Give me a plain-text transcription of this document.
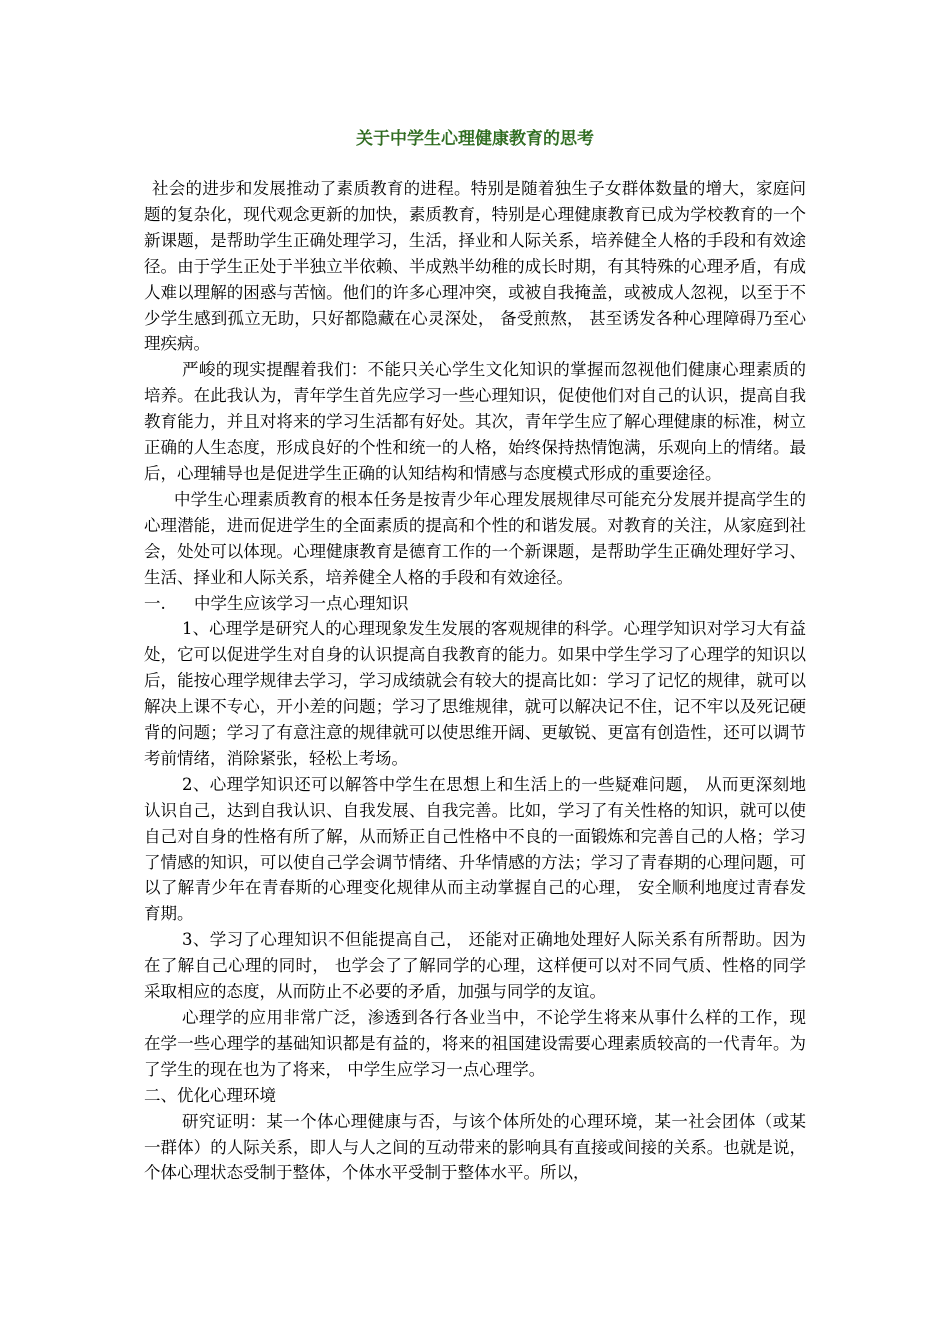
关于中学生心理健康教育的思考

社会的进步和发展推动了素质教育的进程。特别是随着独生子女群体数量的增大，家庭问题的复杂化，现代观念更新的加快，素质教育，特别是心理健康教育已成为学校教育的一个新课题，是帮助学生正确处理学习，生活，择业和人际关系，培养健全人格的手段和有效途径。由于学生正处于半独立半依赖、半成熟半幼稚的成长时期，有其特殊的心理矛盾，有成人难以理解的困惑与苦恼。他们的许多心理冲突，或被自我掩盖，或被成人忽视，以至于不少学生感到孤立无助，只好都隐藏在心灵深处， 备受煎熬， 甚至诱发各种心理障碍乃至心理疾病。

严峻的现实提醒着我们：不能只关心学生文化知识的掌握而忽视他们健康心理素质的培养。在此我认为，青年学生首先应学习一些心理知识，促使他们对自己的认识，提高自我教育能力，并且对将来的学习生活都有好处。其次，青年学生应了解心理健康的标准，树立正确的人生态度，形成良好的个性和统一的人格，始终保持热情饱满，乐观向上的情绪。最后，心理辅导也是促进学生正确的认知结构和情感与态度模式形成的重要途径。

中学生心理素质教育的根本任务是按青少年心理发展规律尽可能充分发展并提高学生的心理潜能，进而促进学生的全面素质的提高和个性的和谐发展。对教育的关注，从家庭到社会，处处可以体现。心理健康教育是德育工作的一个新课题，是帮助学生正确处理好学习、生活、择业和人际关系，培养健全人格的手段和有效途径。

一. 中学生应该学习一点心理知识

1、心理学是研究人的心理现象发生发展的客观规律的科学。心理学知识对学习大有益处，它可以促进学生对自身的认识提高自我教育的能力。如果中学生学习了心理学的知识以后，能按心理学规律去学习，学习成绩就会有较大的提高比如：学习了记忆的规律，就可以解决上课不专心，开小差的问题；学习了思维规律，就可以解决记不住，记不牢以及死记硬背的问题；学习了有意注意的规律就可以使思维开阔、更敏锐、更富有创造性，还可以调节考前情绪，消除紧张，轻松上考场。

2、心理学知识还可以解答中学生在思想上和生活上的一些疑难问题， 从而更深刻地认识自己，达到自我认识、自我发展、自我完善。比如，学习了有关性格的知识，就可以使自己对自身的性格有所了解，从而矫正自己性格中不良的一面锻炼和完善自己的人格；学习了情感的知识，可以使自己学会调节情绪、升华情感的方法；学习了青春期的心理问题，可以了解青少年在青春斯的心理变化规律从而主动掌握自己的心理， 安全顺利地度过青春发育期。

3、学习了心理知识不但能提高自己， 还能对正确地处理好人际关系有所帮助。因为在了解自己心理的同时， 也学会了了解同学的心理，这样便可以对不同气质、性格的同学采取相应的态度，从而防止不必要的矛盾，加强与同学的友谊。

心理学的应用非常广泛，渗透到各行各业当中，不论学生将来从事什么样的工作，现在学一些心理学的基础知识都是有益的，将来的祖国建设需要心理素质较高的一代青年。为了学生的现在也为了将来， 中学生应学习一点心理学。

二、优化心理环境

研究证明：某一个体心理健康与否，与该个体所处的心理环境，某一社会团体（或某一群体）的人际关系，即人与人之间的互动带来的影响具有直接或间接的关系。也就是说，个体心理状态受制于整体，个体水平受制于整体水平。所以，
